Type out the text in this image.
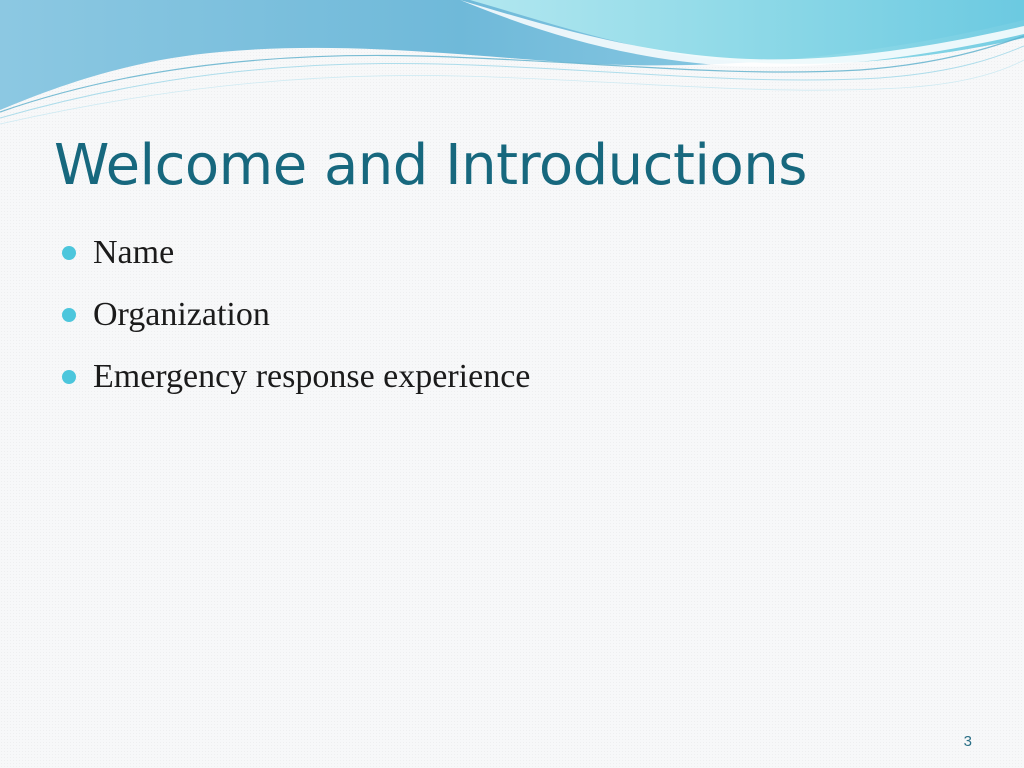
Welcome and Introductions
Name
Organization
Emergency response experience
3
